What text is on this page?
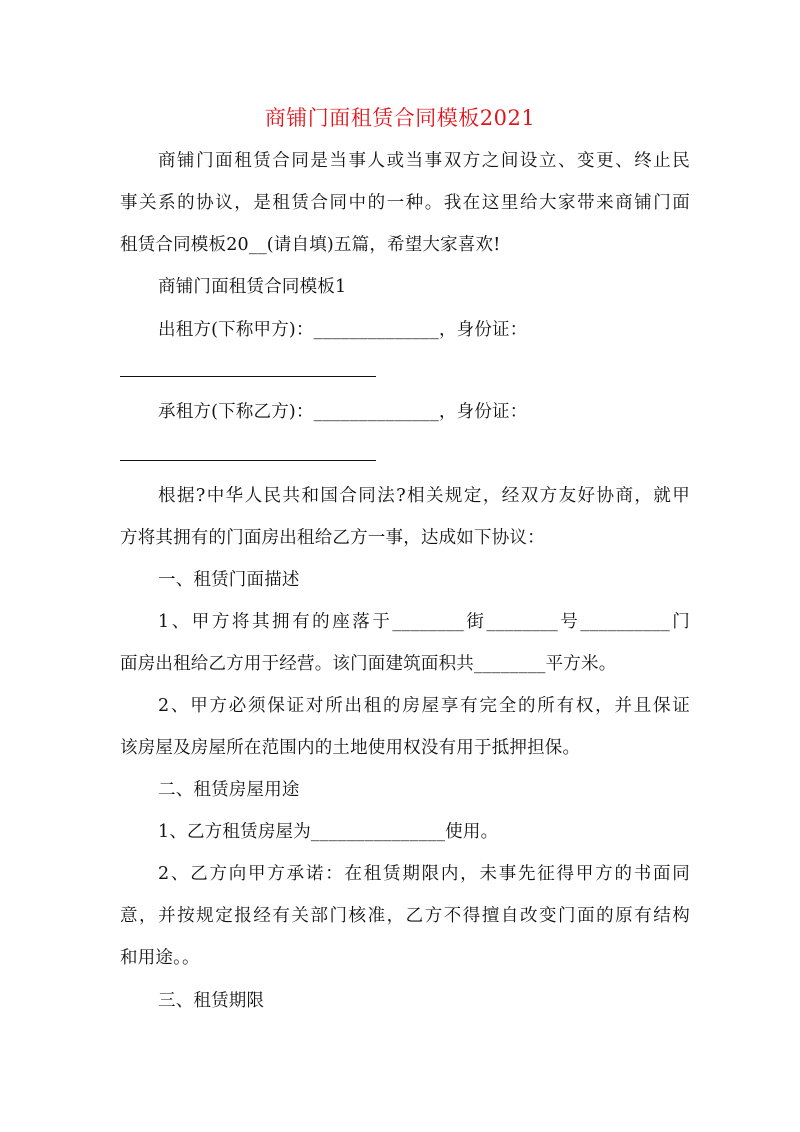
商铺门面租赁合同模板2021
商铺门面租赁合同是当事人或当事双方之间设立、变更、终止民
事关系的协议，是租赁合同中的一种。我在这里给大家带来商铺门面
租赁合同模板20__(请自填)五篇，希望大家喜欢!
商铺门面租赁合同模板1
出租方(下称甲方)：______________，身份证：
承租方(下称乙方)：______________，身份证：
根据?中华人民共和国合同法?相关规定，经双方友好协商，就甲
方将其拥有的门面房出租给乙方一事，达成如下协议：
一、租赁门面描述
1、甲方将其拥有的座落于________街________号__________门
面房出租给乙方用于经营。该门面建筑面积共________平方米。
2、甲方必须保证对所出租的房屋享有完全的所有权，并且保证
该房屋及房屋所在范围内的土地使用权没有用于抵押担保。
二、租赁房屋用途
1、乙方租赁房屋为_______________使用。
2、乙方向甲方承诺：在租赁期限内，未事先征得甲方的书面同
意，并按规定报经有关部门核准，乙方不得擅自改变门面的原有结构
和用途。。
三、租赁期限
